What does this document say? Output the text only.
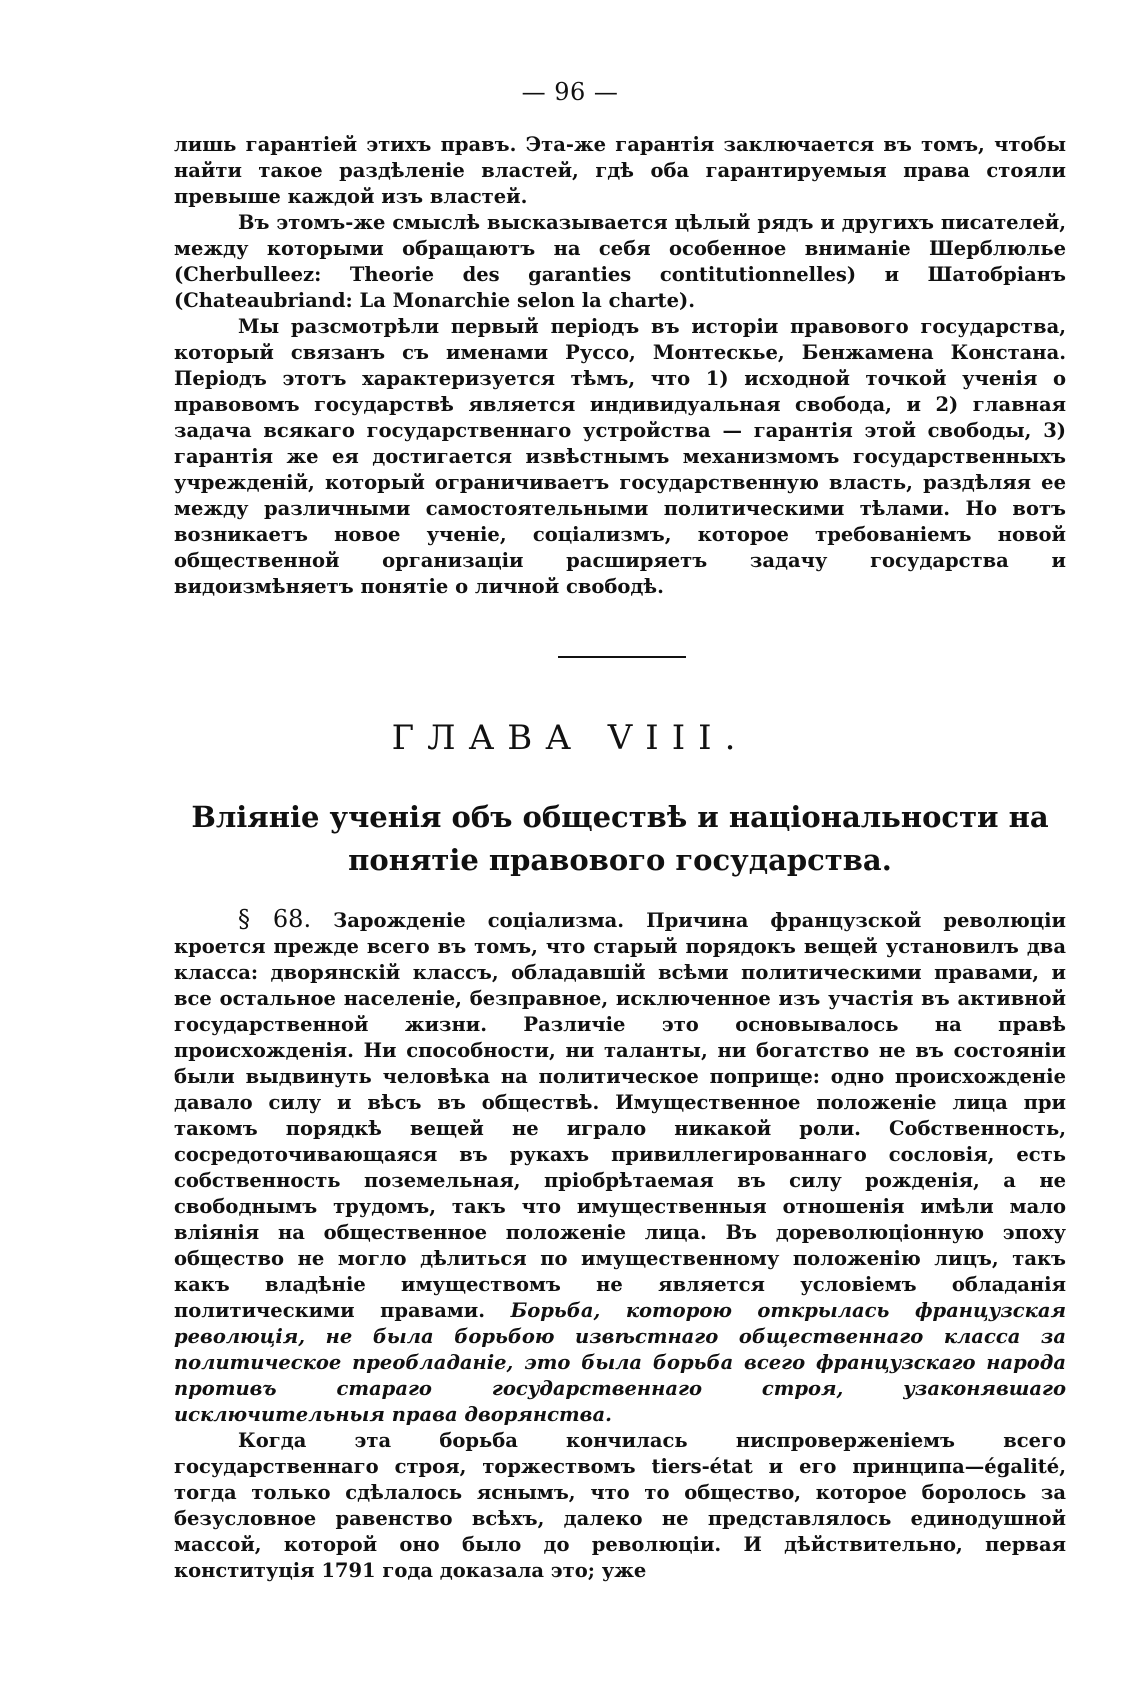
— 96 —

лишь гарантіей этихъ правъ. Эта-же гарантія заключается въ томъ, чтобы найти такое раздѣленіе властей, гдѣ оба гарантируемыя права стояли превыше каждой изъ властей.

Въ этомъ-же смыслѣ высказывается цѣлый рядъ и другихъ писателей, между которыми обращаютъ на себя особенное вниманіе Шерблюлье (Cherbulleez: Theorie des garanties contitutionnelles) и Шатобріанъ (Chateaubriand: La Monarchie selon la charte).

Мы разсмотрѣли первый періодъ въ исторіи правового государства, который связанъ съ именами Руссо, Монтескье, Бенжамена Констана. Періодъ этотъ характеризуется тѣмъ, что 1) исходной точкой ученія о правовомъ государствѣ является индивидуальная свобода, и 2) главная задача всякаго государственнаго устройства — гарантія этой свободы, 3) гарантія же ея достигается извѣстнымъ механизмомъ государственныхъ учрежденій, который ограничиваетъ государственную власть, раздѣляя ее между различными самостоятельными политическими тѣлами. Но вотъ возникаетъ новое ученіе, соціализмъ, которое требованіемъ новой общественной организаціи расширяетъ задачу государства и видоизмѣняетъ понятіе о личной свободѣ.

ГЛАВА VIII.
Вліяніе ученія объ обществѣ и національности на
понятіе правового государства.

§ 68. Зарожденіе соціализма. Причина французской революціи кроется прежде всего въ томъ, что старый порядокъ вещей установилъ два класса: дворянскій классъ, обладавшій всѣми политическими правами, и все остальное населеніе, безправное, исключенное изъ участія въ активной государственной жизни. Различіе это основывалось на правѣ происхожденія. Ни способности, ни таланты, ни богатство не въ состояніи были выдвинуть человѣка на политическое поприще: одно происхожденіе давало силу и вѣсъ въ обществѣ. Имущественное положеніе лица при такомъ порядкѣ вещей не играло никакой роли. Собственность, сосредоточивающаяся въ рукахъ привиллегированнаго сословія, есть собственность поземельная, пріобрѣтаемая въ силу рожденія, а не свободнымъ трудомъ, такъ что имущественныя отношенія имѣли мало вліянія на общественное положеніе лица. Въ дореволюціонную эпоху общество не могло дѣлиться по имущественному положенію лицъ, такъ какъ владѣніе имуществомъ не является условіемъ обладанія политическими правами. Борьба, которою открылась французская революція, не была борьбою извѣстнаго общественнаго класса за политическое преобладаніе, это была борьба всего французскаго народа противъ стараго государственнаго строя, узаконявшаго исключительныя права дворянства.

Когда эта борьба кончилась ниспроверженіемъ всего государственнаго строя, торжествомъ tiers-état и его принципа—égalité, тогда только сдѣлалось яснымъ, что то общество, которое боролось за безусловное равенство всѣхъ, далеко не представлялось единодушной массой, которой оно было до революціи. И дѣйствительно, первая конституція 1791 года доказала это; уже
